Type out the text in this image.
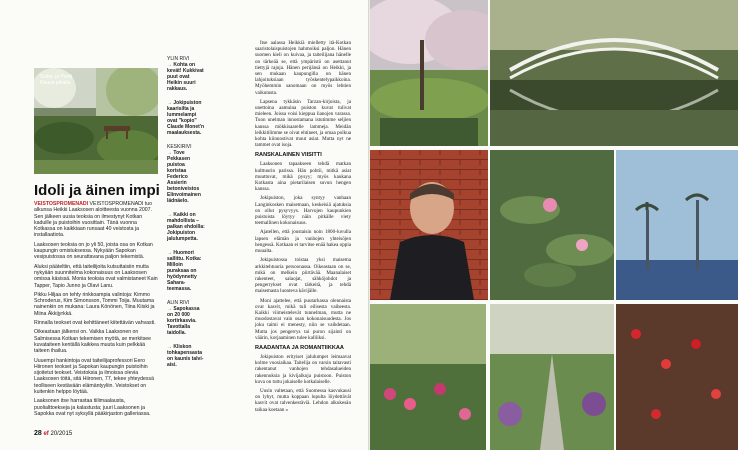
Sisko- ja Pertti Rauva pihalla
Idoli ja äinen impi

VEISTOSPROMENADI VEISTOSPROMENADI tuo alkunsa Heikki Laaksosen aloitteesta vuonna 2007. Sen jälkeen uusia teoksia on ilmestynyt Kotkan kaduille ja puistoihin vuosittain. Tänä vuonna Kotkassa on kaikkiaan runsaat 40 veistosta ja installaatiota.

Laaksosen teoksia on jo yli 50, joista osa on Kotkan kaupungin omistuksessa. Nykyään Sapokan vesipuistossa on seurattavana paljon tekemistä.

Aluksi pääteltiin, että taiteilijoita kutsuttaisiin mutta nykyään suunnitelma kokonaisuus on Laaksosen omissa käsissä. Monia teoksia ovat valmistaneet Kain Tapper, Tapio Junno ja Olavi Lanu.

Pikku Hiljaa on tehty rinkkoampia valintoja: Kimmo Schroderus, Kim Simonsson, Tommi Toija. Muutama nainenkin on mukana: Laura Könönen, Tiina Kiiski ja Miina Äkkijyrkkä.

Rinnalla teokset ovat kehittäneet kiitettävän vahvasti.

Oikeastaan jälkensi on. Vaikka Laaksonen on Salmisessa Kotkan tekemisen myötä, se merkitsee kuvataiteen kentällä kaikkea muuta kuin pelkkää taiteen ihailua.

Uuuempi hankintoja ovat taiteilijaprofessori Eero Hiironen teokset ja Sapokan kaupungin puistoihin sijoitetut teokset. Veistoksia ja ilmoissa olevia Laaksosen töitä, sitä Hiironen, 77, tekee yhteydessä teolliseen kestävään elämäntyyliin. Veistokset on kuitenkin helppo löytää.

Laaksonen itse harrastaa tiilimaalausta, puolialttoekseja ja kalastusta; juuri Laaksonen ja Sapokka ovat nyt syksyllä pääkirjaston galleriassa.

YLIN RIVI
→ Kohta on kevät! Kukkivat puut ovat Heikin suuri rakkaus.
→ Jokipuiston kaarisilta ja lummelampi ovat "kopio" Claude Monet'n maalauksesta.
KESKIRIVI
→ Tove Pekkasen puistoa koristaa Federico Assierin betoniveistos Elinvoimainen lädnäelo.
→ Kaikki on mahdollista – palkan ehdoilla: Jokipuiston jalulumpetta.
→ Huomori sallittu. Kotka: Milloin puraksaa on hyödynnetty Sahara-teemassa.
ALIN RIVI
→ Sapokassa on 20 000 kortirkasvia. Tavottalla taidolla.
→ Kliskon tohkapensasta on kaunis talvi-aisi.

Itse aalassa Heikkiä mielletty itä-Kotkan saaristolaispuistojen hahmoiksi paljon. Hänen suomen kieli on kuivaa, ja taiteilijana hänelle on tärkeää se, että ympäristö on asettanut tiettyjä rajoja. Hänen perijänsä on Heikki, ja sen mukaan kaupungilla on hänen lahjoituksiaan työskentelypaikkoina. Myöhemmin sanomaan on myös lehtien vaikutusta.

Lapsena tykkäsin Tarzan-kirjoista, ja unettoina aamuina puiston kuvat tulivat mieleen. Joissa voisi kieppua lianojen varassa. Tuon unelman innostamana istutimme seljien kanssa mökkisaarelle lammeja. Meidän leikkitilimme se oivat ehtineet, ja omaa polkua kohta kiinnostivat muut asiat. Mutta nyt ne tammet ovat isoja.

RANSKALAINEN VIISITTI

Laaksonen tapaakseen tehdä matkan kulttuurin parissa. Hän pohtii, mitkä asiat muuttuvat, mikä pysyy; myös kaukana Kotkasta aina pietarilaisen suvun hengen kanssa.

Jokipuiston, joka syntyy vanhaan Langinkosken maisemaan, keskeisiä ajatuksia on ollut pysyvyys. Harvojen kaupunkien puistoista löytyy näin pitkälle viety teemallinen kokonaisuus.

Ajatellen, että joustaisin noin 1800-luvulla lapsen elämän ja vanhojen yhteisöjen hengessä. Kotkaan ei tarvitse enää hakea oppia muualta.

Jokipuistossa toistaa yksi maisema arkkitehtuuria persoonassa. Oikeastaan on se, mikä on melkein piirtävää. Maanalaiset rakenteet, salaojat, sähköjohdot ja pengerrykset ovat tärkeitä, ja tehdä maisemasta luonteva kävijälle.

Moni ajattelee, että puutarhassa olennaista ovat kasvit, mikä tuli eilisesta vaiheesta. Kaikki viimeistelevät tunnelman, mutta ne muodostavat vain osan kokonaisuudesta. Jos joku taimi ei menesty, niin se vaihdetaan. Mutta jos pengerrys tai puron sijainti on väärin, korjaaminen tulee kalliiksi.

RAADANTAA JA ROMANTIIKKAA

Jokipuiston erityiset jalulumpet leimaavat kolme vuosiaikaa. Taitelija on varsin taitavasti rakentanut vanhojen tehdasalueiden rakennuksia ja kivijalkoja puistoon. Puiston kuva on tuttu jokaiselle kotkalaiselle.

Uusin valtetaan, että Suomessa kasvukausi on lyhyt, mutta koppaan lopulta löydettävät kasvit ovat talvenkestäviä. Lehdon alkukesän taikaa koetaan »

28 ef 20/2015
